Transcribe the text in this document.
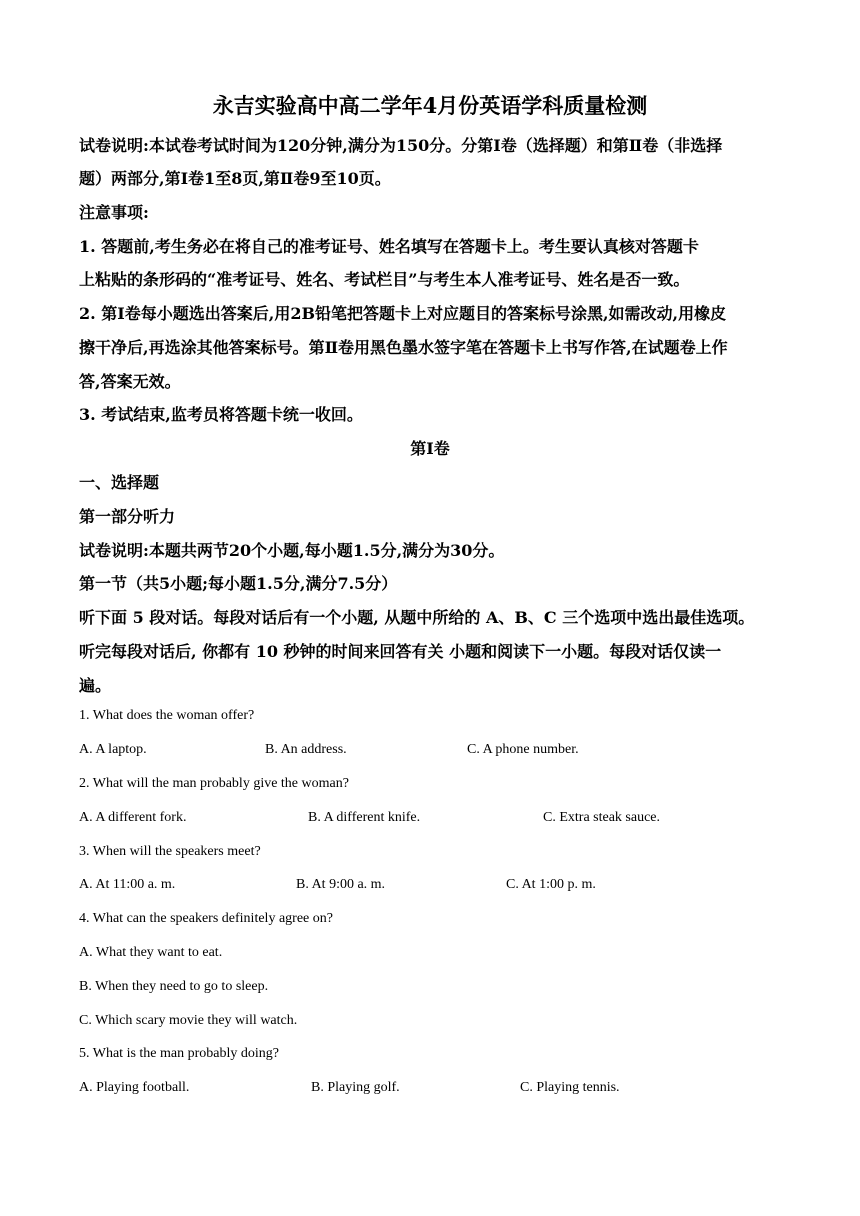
永吉实验高中高二学年4月份英语学科质量检测
试卷说明:本试卷考试时间为120分钟,满分为150分。分第Ⅰ卷（选择题）和第Ⅱ卷（非选择
题）两部分,第Ⅰ卷1至8页,第Ⅱ卷9至10页。
注意事项:
1. 答题前,考生务必在将自己的准考证号、姓名填写在答题卡上。考生要认真核对答题卡
上粘贴的条形码的“准考证号、姓名、考试栏目”与考生本人准考证号、姓名是否一致。
2. 第Ⅰ卷每小题选出答案后,用2B铅笔把答题卡上对应题目的答案标号涂黑,如需改动,用橡皮
擦干净后,再选涂其他答案标号。第Ⅱ卷用黑色墨水签字笔在答题卡上书写作答,在试题卷上作
答,答案无效。
3. 考试结束,监考员将答题卡统一收回。
第Ⅰ卷
一、选择题
第一部分听力
试卷说明:本题共两节20个小题,每小题1.5分,满分为30分。
第一节（共5小题;每小题1.5分,满分7.5分）
听下面 5 段对话。每段对话后有一个小题, 从题中所给的 A、B、C 三个选项中选出最佳选项。
听完每段对话后, 你都有 10 秒钟的时间来回答有关 小题和阅读下一小题。每段对话仅读一
遍。
1. What does the woman offer?
A. A laptop.	B. An address.	C. A phone number.
2. What will the man probably give the woman?
A. A different fork.	B. A different knife.	C. Extra steak sauce.
3. When will the speakers meet?
A. At 11:00 a. m.	B. At 9:00 a. m.	C. At 1:00 p. m.
4. What can the speakers definitely agree on?
A. What they want to eat.
B. When they need to go to sleep.
C. Which scary movie they will watch.
5. What is the man probably doing?
A. Playing football.	B. Playing golf.	C. Playing tennis.
